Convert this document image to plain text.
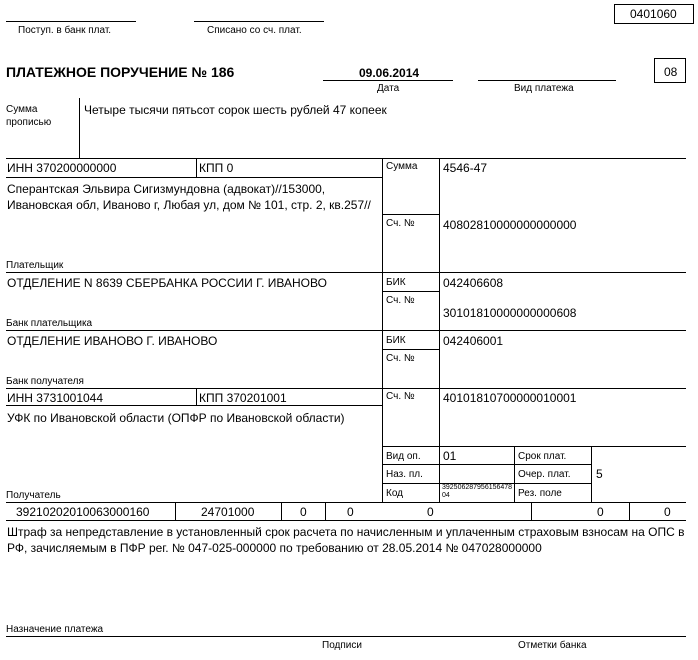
0401060
Поступ. в банк плат.	Списано со сч. плат.
ПЛАТЕЖНОЕ ПОРУЧЕНИЕ № 186	09.06.2014
Дата	Вид платежа
08
Сумма прописью
Четыре тысячи пятьсот сорок шесть рублей 47 копеек
ИНН 370200000000	КПП 0
Сперантская Эльвира Сигизмундовна (адвокат)//153000, Ивановская обл, Иваново г, Любая ул, дом № 101, стр. 2, кв.257//
Плательщик
Сумма 4546-47
Сч. № 40802810000000000000
ОТДЕЛЕНИЕ N 8639 СБЕРБАНКА РОССИИ Г. ИВАНОВО
Банк плательщика
БИК	042406608
Сч. №
30101810000000000608
ОТДЕЛЕНИЕ ИВАНОВО Г. ИВАНОВО
Банк получателя
БИК	042406001
Сч. №
ИНН 3731001044	КПП 370201001
УФК по Ивановской области (ОПФР по Ивановской области)
Получатель
Сч. № 40101810700000010001
Вид оп. 01
Наз. пл.
Код
392506287956156​47804
Срок плат.
Очер. плат. 5
Рез. поле
39210202010063000160	24701000	0	0	0	0	0
Штраф за непредставление в установленный срок расчета по начисленным и уплаченным страховым взносам на ОПС в РФ, зачисляемым в ПФР рег. № 047-025-000000 по требованию от 28.05.2014 № 047028000000
Назначение платежа
Подписи	Отметки банка
